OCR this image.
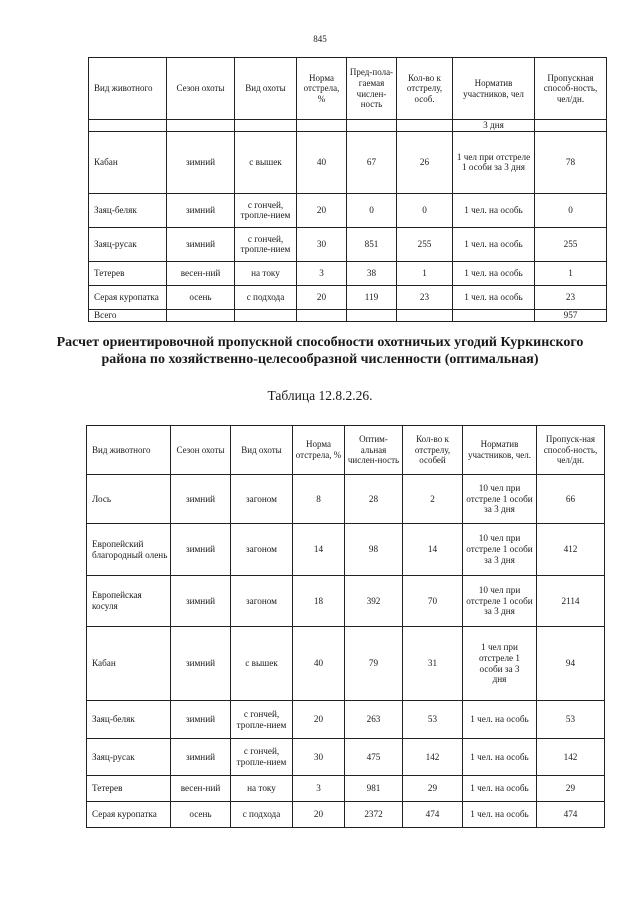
845
Вид животного	Сезон охоты	Вид охоты	Норма отстрела, %	Пред-пола-гаемая числен-ность	Кол-во к отстрелу, особ.	Норматив участников, чел	Пропускная способ-ность, чел/дн.
						3 дня	
Кабан	зимний	с вышек	40	67	26	1 чел при отстреле 1 особи за 3 дня	78
Заяц-беляк	зимний	с гончей, тропле-нием	20	0	0	1 чел. на особь	0
Заяц-русак	зимний	с гончей, тропле-нием	30	851	255	1 чел. на особь	255
Тетерев	весен-ний	на току	3	38	1	1 чел. на особь	1
Серая куропатка	осень	с подхода	20	119	23	1 чел. на особь	23
Всего							957
Расчет ориентировочной пропускной способности охотничьих угодий Куркинского района по хозяйственно-целесообразной численности (оптимальная)
Таблица 12.8.2.26.
Вид животного	Сезон охоты	Вид охоты	Норма отстрела, %	Оптим-альная числен-ность	Кол-во к отстрелу, особей	Норматив участников, чел.	Пропуск-ная способ-ность, чел/дн.
Лось	зимний	загоном	8	28	2	10 чел при отстреле 1 особи за 3 дня	66
Европейский благородный олень	зимний	загоном	14	98	14	10 чел при отстреле 1 особи за 3 дня	412
Европейская косуля	зимний	загоном	18	392	70	10 чел при отстреле 1 особи за 3 дня	2114
Кабан	зимний	с вышек	40	79	31	1 чел при отстреле 1 особи за 3 дня	94
Заяц-беляк	зимний	с гончей, тропле-нием	20	263	53	1 чел. на особь	53
Заяц-русак	зимний	с гончей, тропле-нием	30	475	142	1 чел. на особь	142
Тетерев	весен-ний	на току	3	981	29	1 чел. на особь	29
Серая куропатка	осень	с подхода	20	2372	474	1 чел. на особь	474
